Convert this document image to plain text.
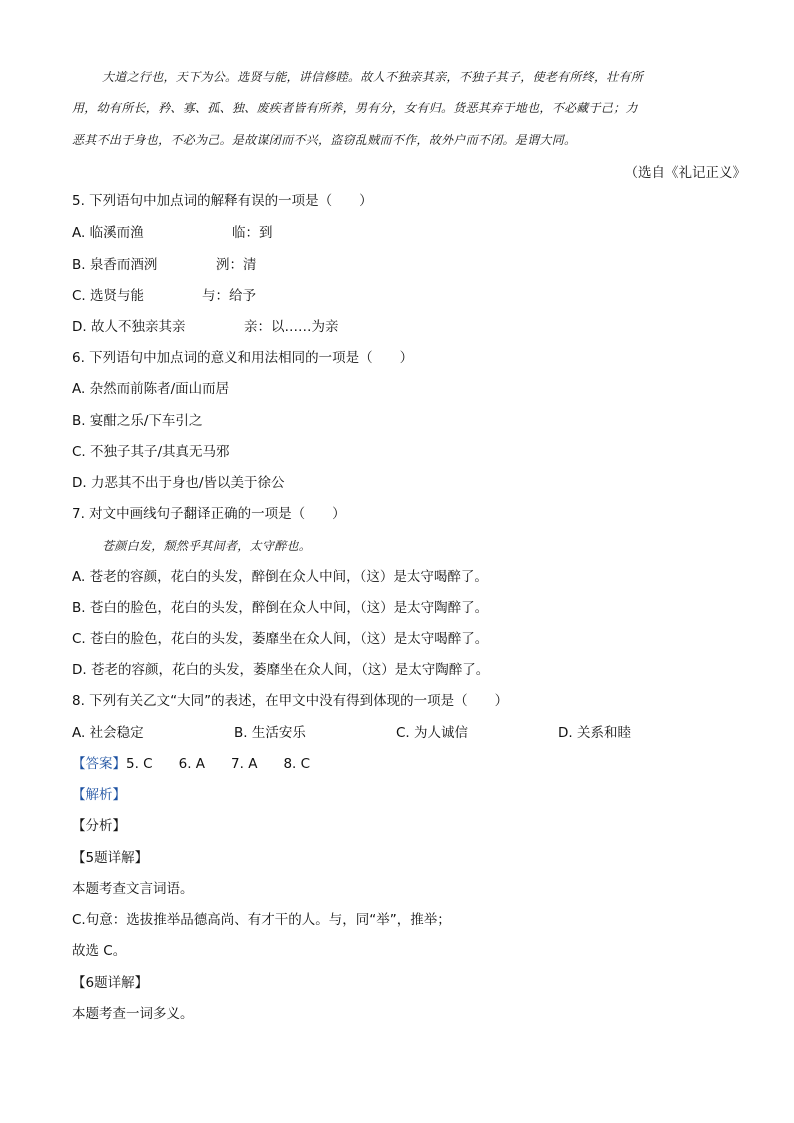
大道之行也，天下为公。选贤与能，讲信修睦。故人不独亲其亲，不独子其子，使老有所终，壮有所
用，幼有所长，矜、寡、孤、独、废疾者皆有所养，男有分，女有归。货恶其弃于地也，不必藏于己；力
恶其不出于身也，不必为己。是故谋闭而不兴，盗窃乱贼而不作，故外户而不闭。是谓大同。
（选自《礼记正义》
5. 下列语句中加点词的解释有误的一项是（　　）
A. 临溪而渔	临：到
B. 泉香而酒洌	洌：清
C. 选贤与能	与：给予
D. 故人不独亲其亲	亲：以……为亲
6. 下列语句中加点词的意义和用法相同的一项是（　　）
A. 杂然而前陈者/面山而居
B. 宴酣之乐/下车引之
C. 不独子其子/其真无马邪
D. 力恶其不出于身也/皆以美于徐公
7. 对文中画线句子翻译正确的一项是（　　）
苍颜白发，颓然乎其间者，太守醉也。
A. 苍老的容颜，花白的头发，醉倒在众人中间，（这）是太守喝醉了。
B. 苍白的脸色，花白的头发，醉倒在众人中间，（这）是太守陶醉了。
C. 苍白的脸色，花白的头发，萎靡坐在众人间，（这）是太守喝醉了。
D. 苍老的容颜，花白的头发，萎靡坐在众人间，（这）是太守陶醉了。
8. 下列有关乙文“大同”的表述，在甲文中没有得到体现的一项是（　　）
A. 社会稳定	B. 生活安乐	C. 为人诚信	D. 关系和睦
【答案】5. C 6. A 7. A 8. C
【解析】
【分析】
【5题详解】
本题考查文言词语。
C.句意：选拔推举品德高尚、有才干的人。与，同“举”，推举；
故选 C。
【6题详解】
本题考查一词多义。
